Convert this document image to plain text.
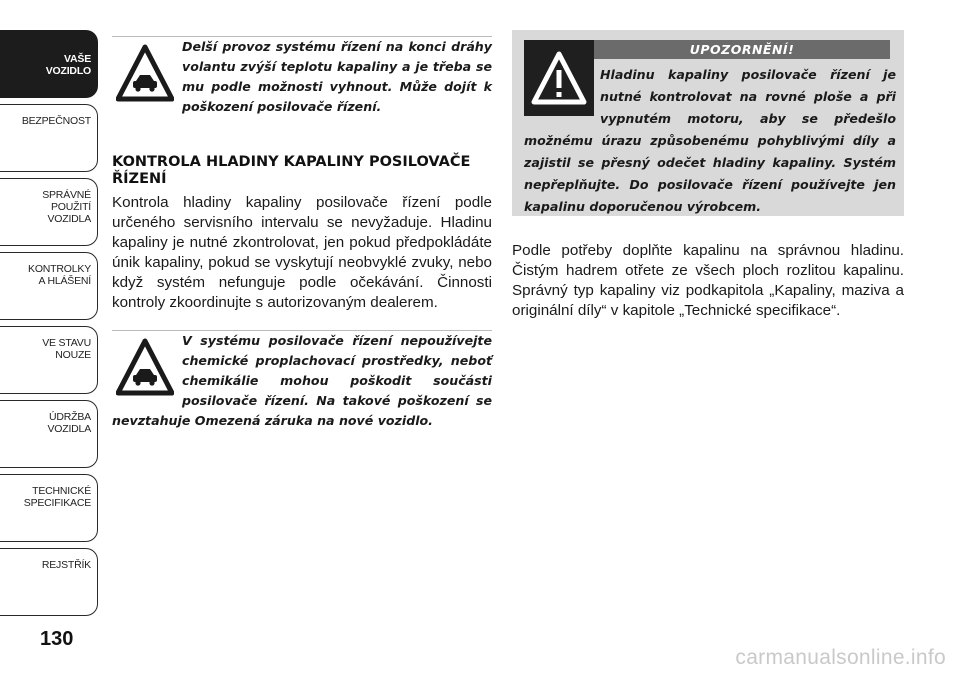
VAŠE
VOZIDLO
BEZPEČNOST
SPRÁVNÉ
POUŽITÍ
VOZIDLA
KONTROLKY
A HLÁŠENÍ
VE STAVU
NOUZE
ÚDRŽBA
VOZIDLA
TECHNICKÉ
SPECIFIKACE
REJSTŘÍK
130
Delší provoz systému řízení na konci dráhy volantu zvýší teplotu kapaliny a je třeba se mu podle možnosti vyhnout. Může dojít k poškození posilovače řízení.
KONTROLA HLADINY KAPALINY POSILOVAČE ŘÍZENÍ

Kontrola hladiny kapaliny posilovače řízení podle určeného servisního intervalu se nevyžaduje. Hladinu kapaliny je nutné zkontrolovat, jen pokud předpokládáte únik kapaliny, pokud se vyskytují neobvyklé zvuky, nebo když systém nefunguje podle očekávání. Činnosti kontroly zkoordinujte s autorizovaným dealerem.

V systému posilovače řízení nepoužívejte chemické proplachovací prostředky, neboť chemikálie mohou poškodit součásti posilovače řízení. Na takové poškození se nevztahuje Omezená záruka na nové vozidlo.
UPOZORNĚNÍ!
Hladinu kapaliny posilovače řízení je nutné kontrolovat na rovné ploše a při vypnutém motoru, aby se předešlo možnému úrazu způsobenému pohyblivými díly a zajistil se přesný odečet hladiny kapaliny. Systém nepřeplňujte. Do posilovače řízení používejte jen kapalinu doporučenou výrobcem.

Podle potřeby doplňte kapalinu na správnou hladinu. Čistým hadrem otřete ze všech ploch rozlitou kapalinu. Správný typ kapaliny viz podkapitola „Kapaliny, maziva a originální díly“ v kapitole „Technické specifikace“.

carmanualsonline.info
